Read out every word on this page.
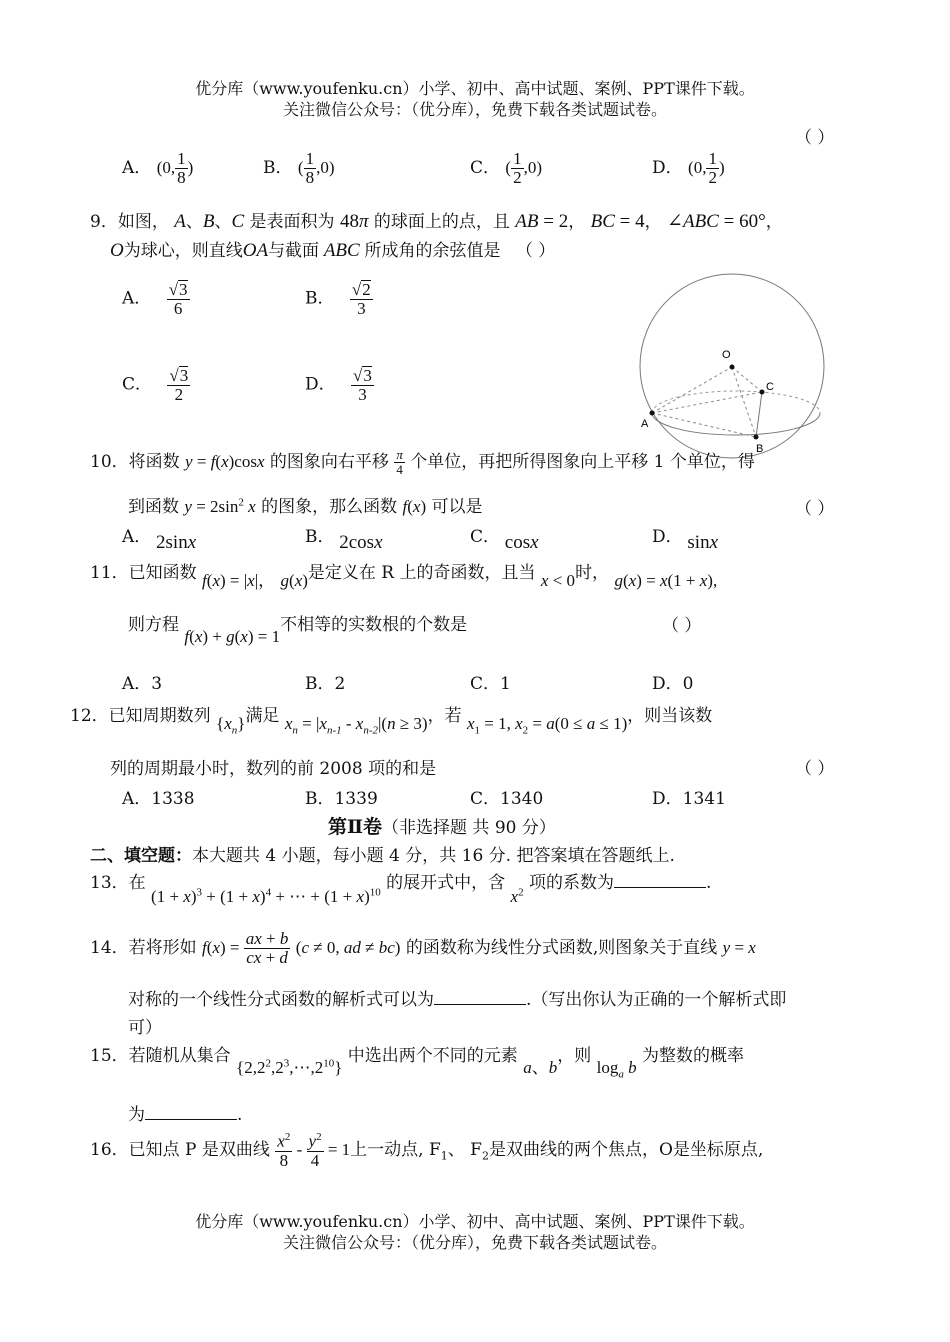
优分库（www.youfenku.cn）小学、初中、高中试题、案例、PPT课件下载。
关注微信公众号：（优分库），免费下载各类试题试卷。
（ ）
A． (0, $\frac{1}{8}$ )	B． ( $\frac{1}{8} ,0$)	C． ( $\frac{1}{2} ,0$)	D． (0, $\frac{1}{2}$ )
9．如图， A、B、C 是表面积为 48π 的球面上的点，且 AB = 2， BC = 4， ∠ABC = 60°，
O为球心，则直线OA与截面 ABC 所成角的余弦值是 （ ）
A． $\frac{√3}{6}$	B． $\frac{√2}{3}$
C． $\frac{√3}{2}$	D． $\frac{√3}{3}$
O
C
A
B
10．将函数 y = f(x)cosx 的图象向右平移 $\frac{\pi}{4}$ 个单位，再把所得图象向上平移 1 个单位，得
到函数 $y = 2\sin^2$ x 的图象，那么函数 f(x) 可以是	（ ）
A． 2sinx	B． 2cosx	C． cosx	D． sinx
11．已知函数 f(x) = |x|， g(x)是定义在 R 上的奇函数，且当 x < 0时， g(x) = x(1 + x),
则方程 f(x) + g(x) = 1不相等的实数根的个数是	（ ）
A．3	B．2	C．1	D．0
12．已知周期数列 $\{x_n\}$满足 $x_n = |x_{n-1} - x_{n-2}|(n \ge 3)$，若 $x_1 = 1$, $x_2 = a(0 \le a \le 1)$，则当该数
列的周期最小时，数列的前 2008 项的和是	（ ）
A．1338	B．1339	C．1340	D．1341
第Ⅱ卷（非选择题 共 90 分）
二、填空题：本大题共 4 小题，每小题 4 分，共 16 分. 把答案填在答题纸上.
13．在 $(1 + x)^3 + (1 + x)^4$ + ⋯ + $(1 + x)^{10}$ 的展开式中，含 $x^2$ 项的系数为	.
14．若将形如 $f(x) = \frac{ax + b}{cx + d} (c \ne 0$, ad ≠ bc) 的函数称为线性分式函数,则图象关于直线 y = x
对称的一个线性分式函数的解析式可以为	.（写出你认为正确的一个解析式即
可）
15．若随机从集合 $\{2,2^2,2^3,\cdots,2^{10}\}$ 中选出两个不同的元素 a、b，则 $\log_a b$ 为整数的概率
为	.
16．已知点 P 是双曲线 $\frac{x^2}{8} - \frac{y^2}{4} = 1$上一动点, $F_1$、 $F_2$是双曲线的两个焦点，O是坐标原点,
优分库（www.youfenku.cn）小学、初中、高中试题、案例、PPT课件下载。
关注微信公众号：（优分库），免费下载各类试题试卷。
